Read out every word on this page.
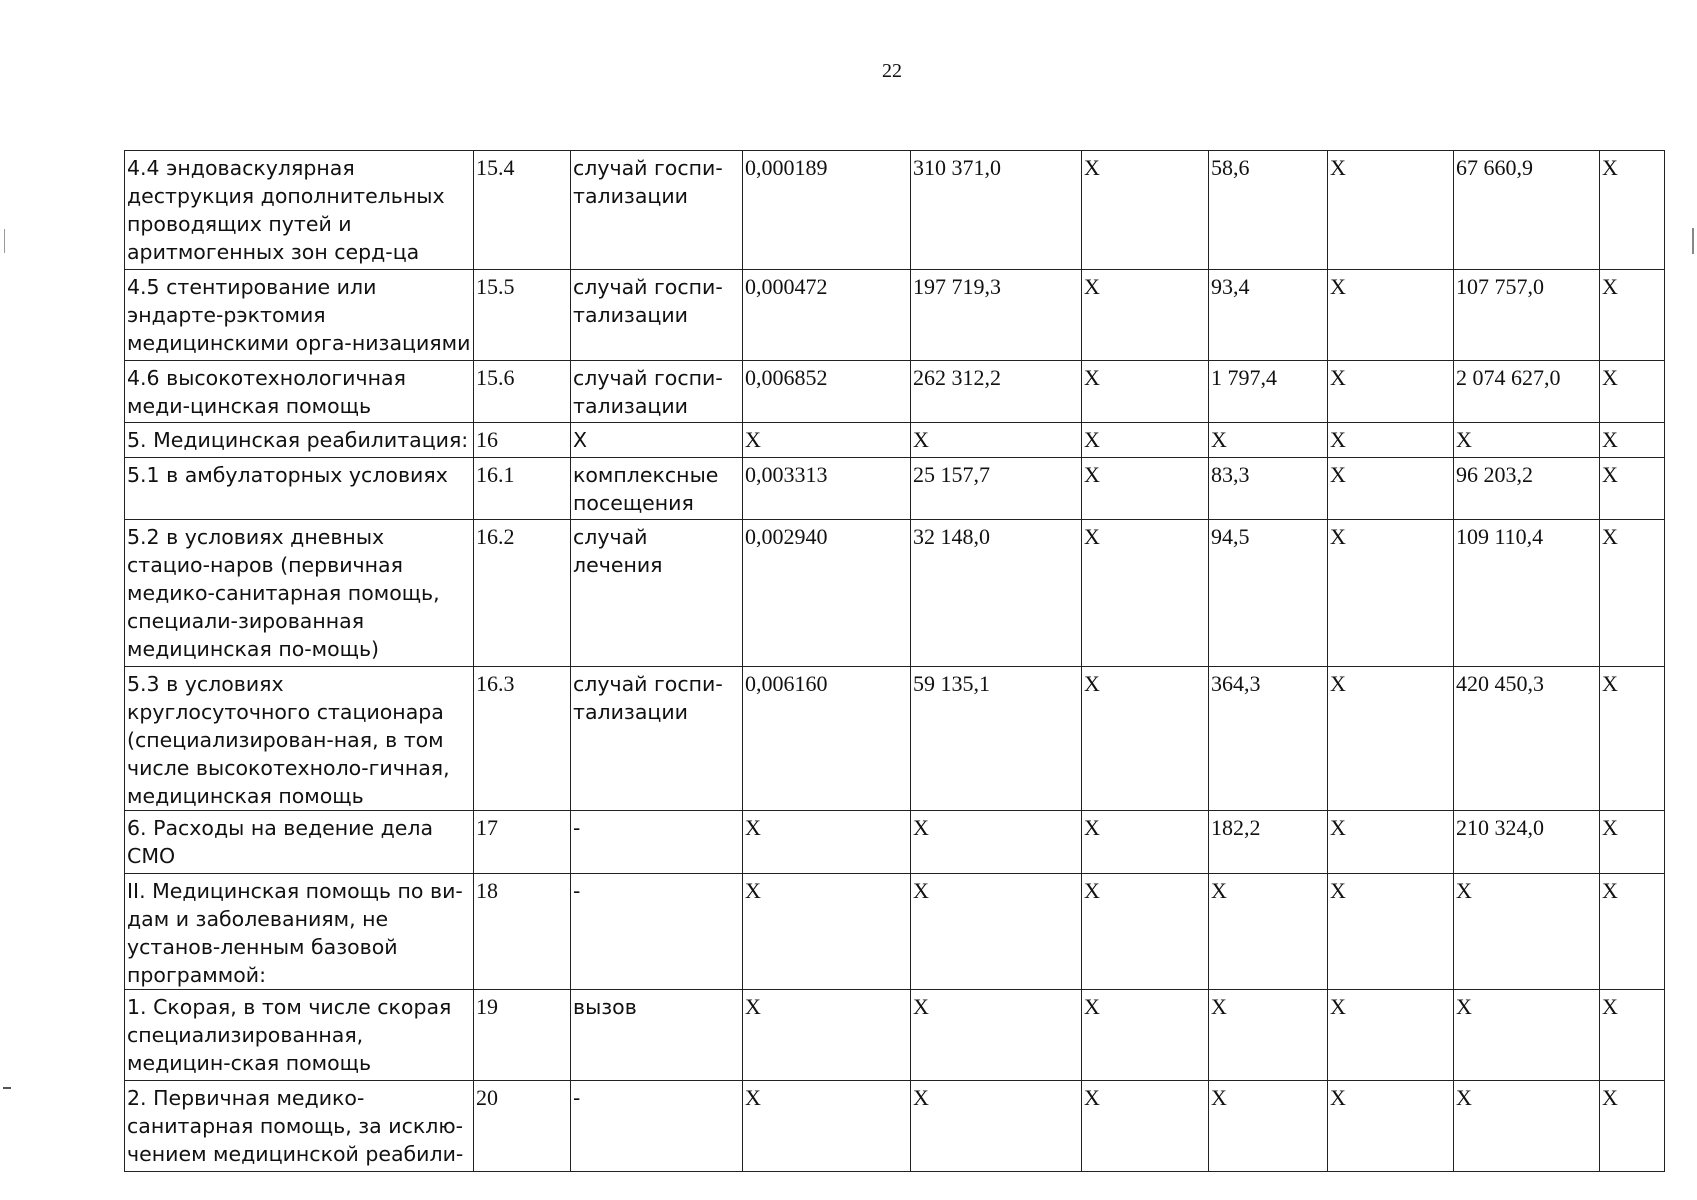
22
4.4 эндоваскулярная деструкция дополнительных проводящих путей и аритмогенных зон серд-ца	15.4	случай госпи-тализации	0,000189	310 371,0	Х	58,6	Х	67 660,9	Х
4.5 стентирование или эндарте-рэктомия медицинскими орга-низациями	15.5	случай госпи-тализации	0,000472	197 719,3	Х	93,4	Х	107 757,0	Х
4.6 высокотехнологичная меди-цинская помощь	15.6	случай госпи-тализации	0,006852	262 312,2	Х	1 797,4	Х	2 074 627,0	Х
5. Медицинская реабилитация:	16	Х	Х	Х	Х	Х	Х	Х	Х
5.1 в амбулаторных условиях	16.1	комплексные посещения	0,003313	25 157,7	Х	83,3	Х	96 203,2	Х
5.2 в условиях дневных стацио-наров (первичная медико-санитарная помощь, специали-зированная медицинская по-мощь)	16.2	случай лечения	0,002940	32 148,0	Х	94,5	Х	109 110,4	Х
5.3 в условиях круглосуточного стационара (специализирован-ная, в том числе высокотехноло-гичная, медицинская помощь	16.3	случай госпи-тализации	0,006160	59 135,1	Х	364,3	Х	420 450,3	Х
6. Расходы на ведение дела СМО	17	-	Х	Х	Х	182,2	Х	210 324,0	Х
II. Медицинская помощь по ви-дам и заболеваниям, не установ-ленным базовой программой:	18	-	Х	Х	Х	Х	Х	Х	Х
1. Скорая, в том числе скорая специализированная, медицин-ская помощь	19	вызов	Х	Х	Х	Х	Х	Х	Х
2. Первичная медико-санитарная помощь, за исклю-чением медицинской реабили-	20	-	Х	Х	Х	Х	Х	Х	Х
